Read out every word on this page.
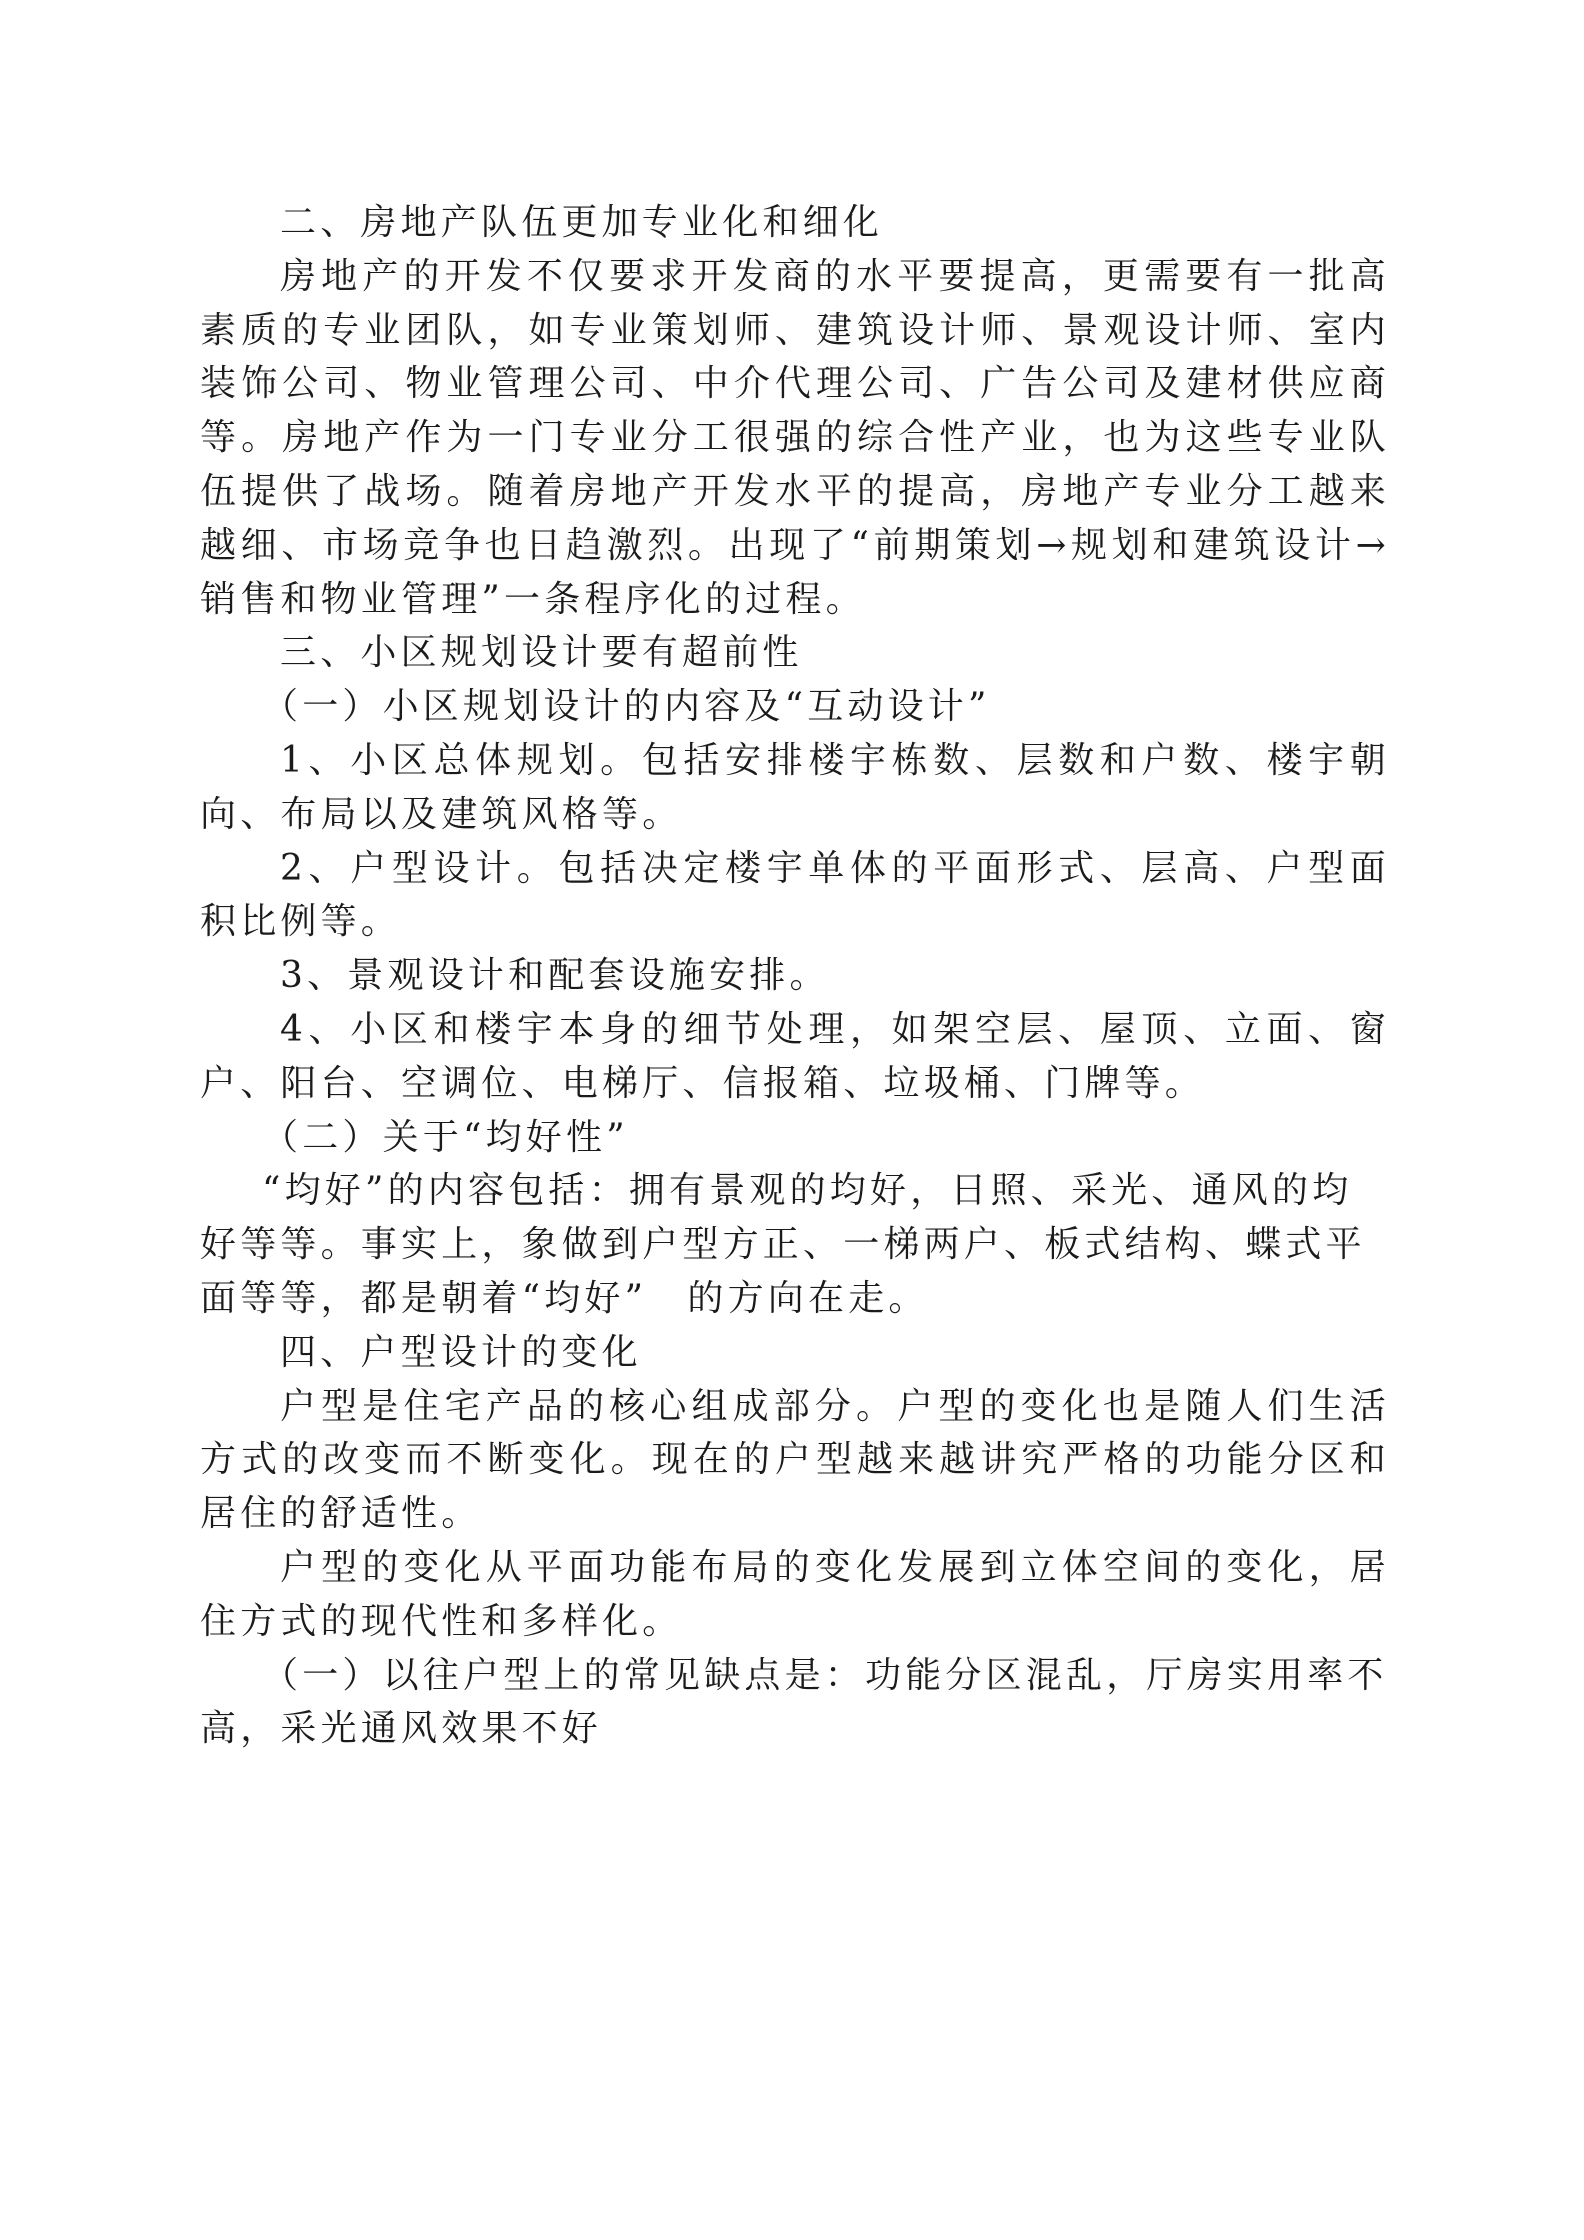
二、房地产队伍更加专业化和细化

房地产的开发不仅要求开发商的水平要提高，更需要有一批高素质的专业团队，如专业策划师、建筑设计师、景观设计师、室内装饰公司、物业管理公司、中介代理公司、广告公司及建材供应商等。房地产作为一门专业分工很强的综合性产业，也为这些专业队伍提供了战场。随着房地产开发水平的提高，房地产专业分工越来越细、市场竞争也日趋激烈。出现了“前期策划→规划和建筑设计→销售和物业管理”一条程序化的过程。

三、小区规划设计要有超前性

（一）小区规划设计的内容及“互动设计”

1、小区总体规划。包括安排楼宇栋数、层数和户数、楼宇朝向、布局以及建筑风格等。

2、户型设计。包括决定楼宇单体的平面形式、层高、户型面积比例等。

3、景观设计和配套设施安排。

4、小区和楼宇本身的细节处理，如架空层、屋顶、立面、窗户、阳台、空调位、电梯厅、信报箱、垃圾桶、门牌等。

（二）关于“均好性”

“均好”的内容包括：拥有景观的均好，日照、采光、通风的均好等等。事实上，象做到户型方正、一梯两户、板式结构、蝶式平面等等，都是朝着“均好”　的方向在走。

四、户型设计的变化

户型是住宅产品的核心组成部分。户型的变化也是随人们生活方式的改变而不断变化。现在的户型越来越讲究严格的功能分区和居住的舒适性。

户型的变化从平面功能布局的变化发展到立体空间的变化，居住方式的现代性和多样化。

（一）以往户型上的常见缺点是：功能分区混乱，厅房实用率不高，采光通风效果不好
